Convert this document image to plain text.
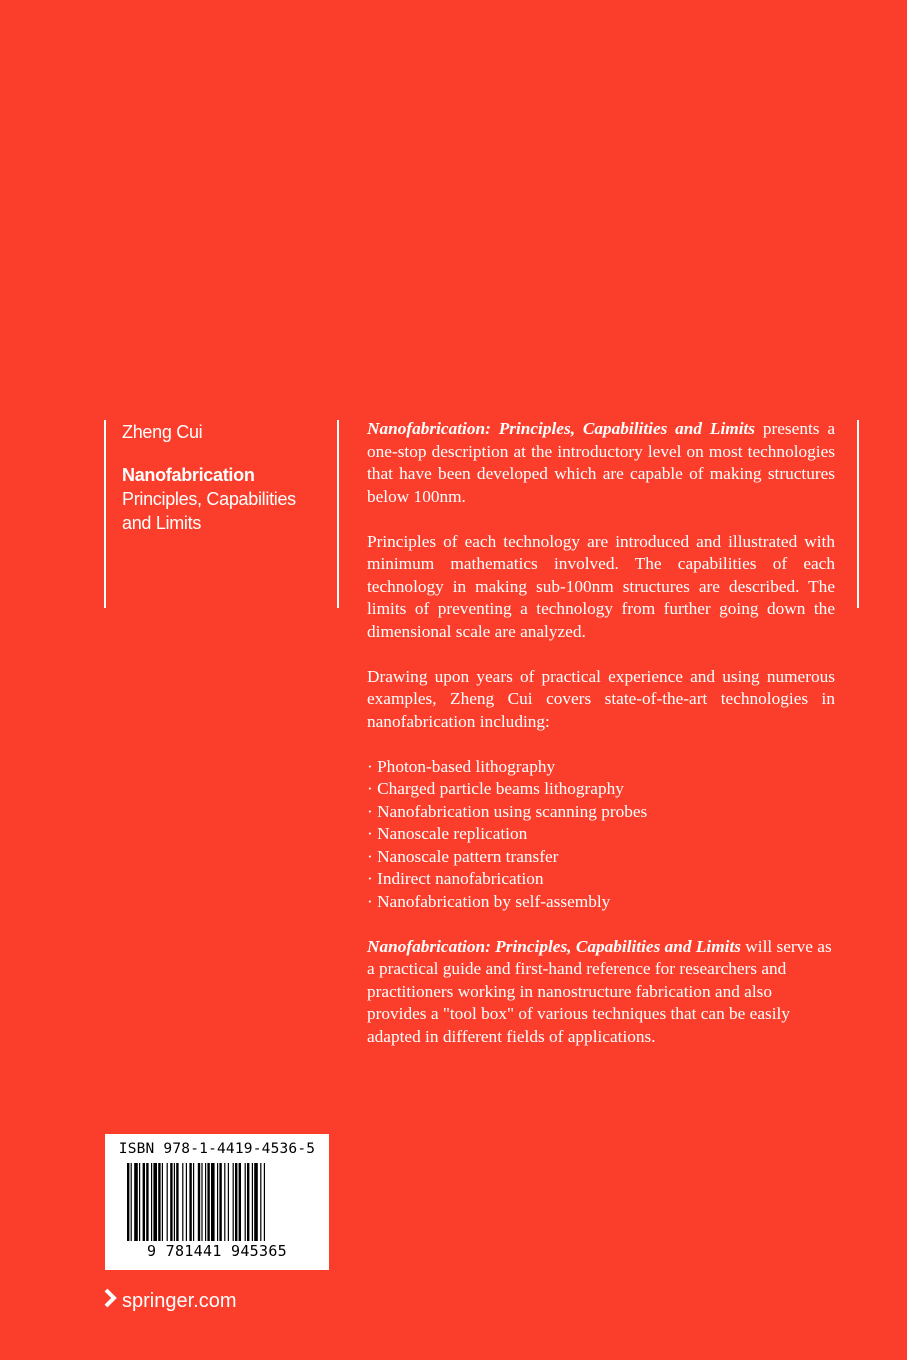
Zheng Cui
Nanofabrication
Principles, Capabilities
and Limits

Nanofabrication: Principles, Capabilities and Limits presents a one-stop description at the introductory level on most technologies that have been developed which are capable of making structures below 100nm.

Principles of each technology are introduced and illustrated with minimum mathematics involved. The capabilities of each technology in making sub-100nm structures are described. The limits of preventing a technology from further going down the dimensional scale are analyzed.

Drawing upon years of practical experience and using numerous examples, Zheng Cui covers state-of-the-art technologies in nanofabrication including:

· Photon-based lithography
· Charged particle beams lithography
· Nanofabrication using scanning probes
· Nanoscale replication
· Nanoscale pattern transfer
· Indirect nanofabrication
· Nanofabrication by self-assembly

Nanofabrication: Principles, Capabilities and Limits will serve as a practical guide and first-hand reference for researchers and practitioners working in nanostructure fabrication and also provides a "tool box" of various techniques that can be easily adapted in different fields of applications.

ISBN 978-1-4419-4536-5
9 781441 945365
springer.com
